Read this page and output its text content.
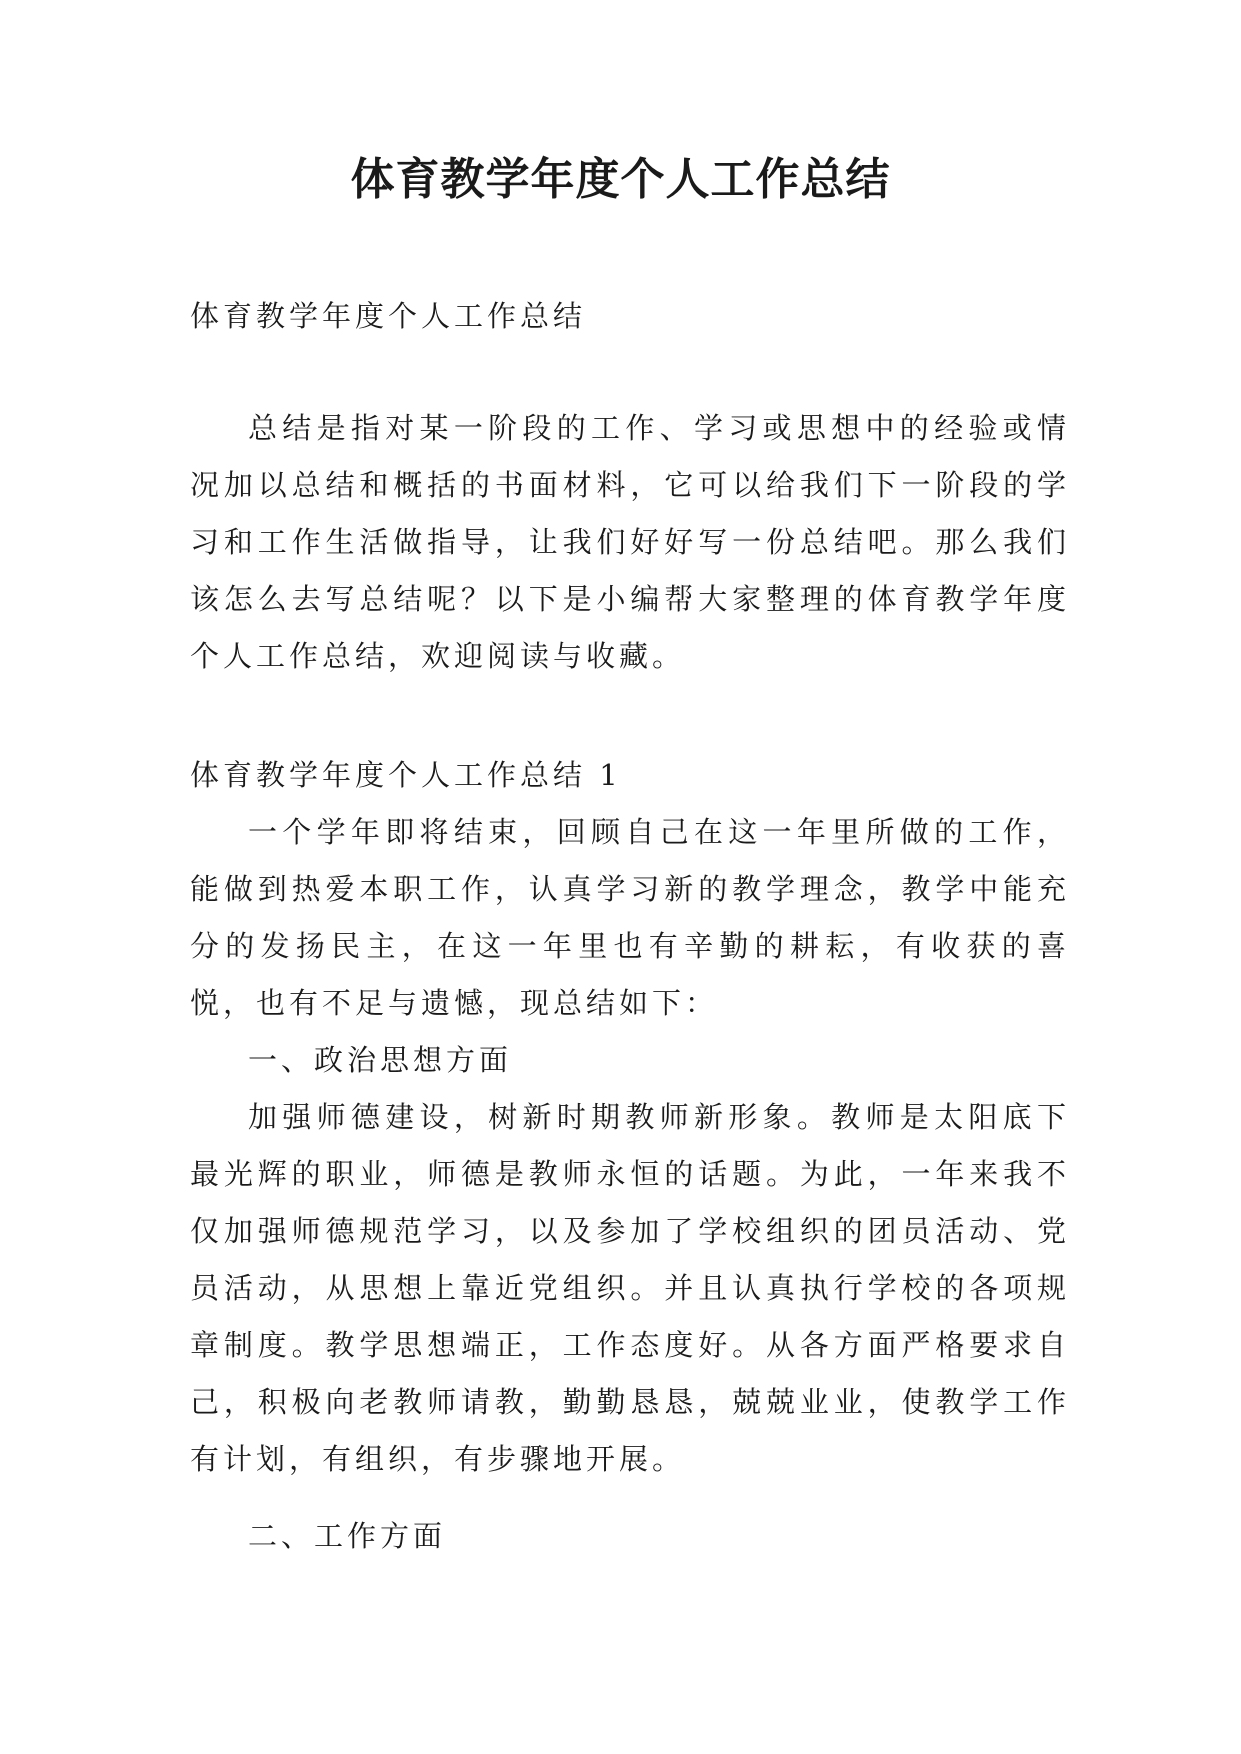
体育教学年度个人工作总结

体育教学年度个人工作总结

总结是指对某一阶段的工作、学习或思想中的经验或情况加以总结和概括的书面材料，它可以给我们下一阶段的学习和工作生活做指导，让我们好好写一份总结吧。那么我们该怎么去写总结呢？以下是小编帮大家整理的体育教学年度个人工作总结，欢迎阅读与收藏。

体育教学年度个人工作总结 1

一个学年即将结束，回顾自己在这一年里所做的工作，能做到热爱本职工作，认真学习新的教学理念，教学中能充分的发扬民主，在这一年里也有辛勤的耕耘，有收获的喜悦，也有不足与遗憾，现总结如下：

一、政治思想方面

加强师德建设，树新时期教师新形象。教师是太阳底下最光辉的职业，师德是教师永恒的话题。为此，一年来我不仅加强师德规范学习，以及参加了学校组织的团员活动、党员活动，从思想上靠近党组织。并且认真执行学校的各项规章制度。教学思想端正，工作态度好。从各方面严格要求自己，积极向老教师请教，勤勤恳恳，兢兢业业，使教学工作有计划，有组织，有步骤地开展。

二、工作方面
